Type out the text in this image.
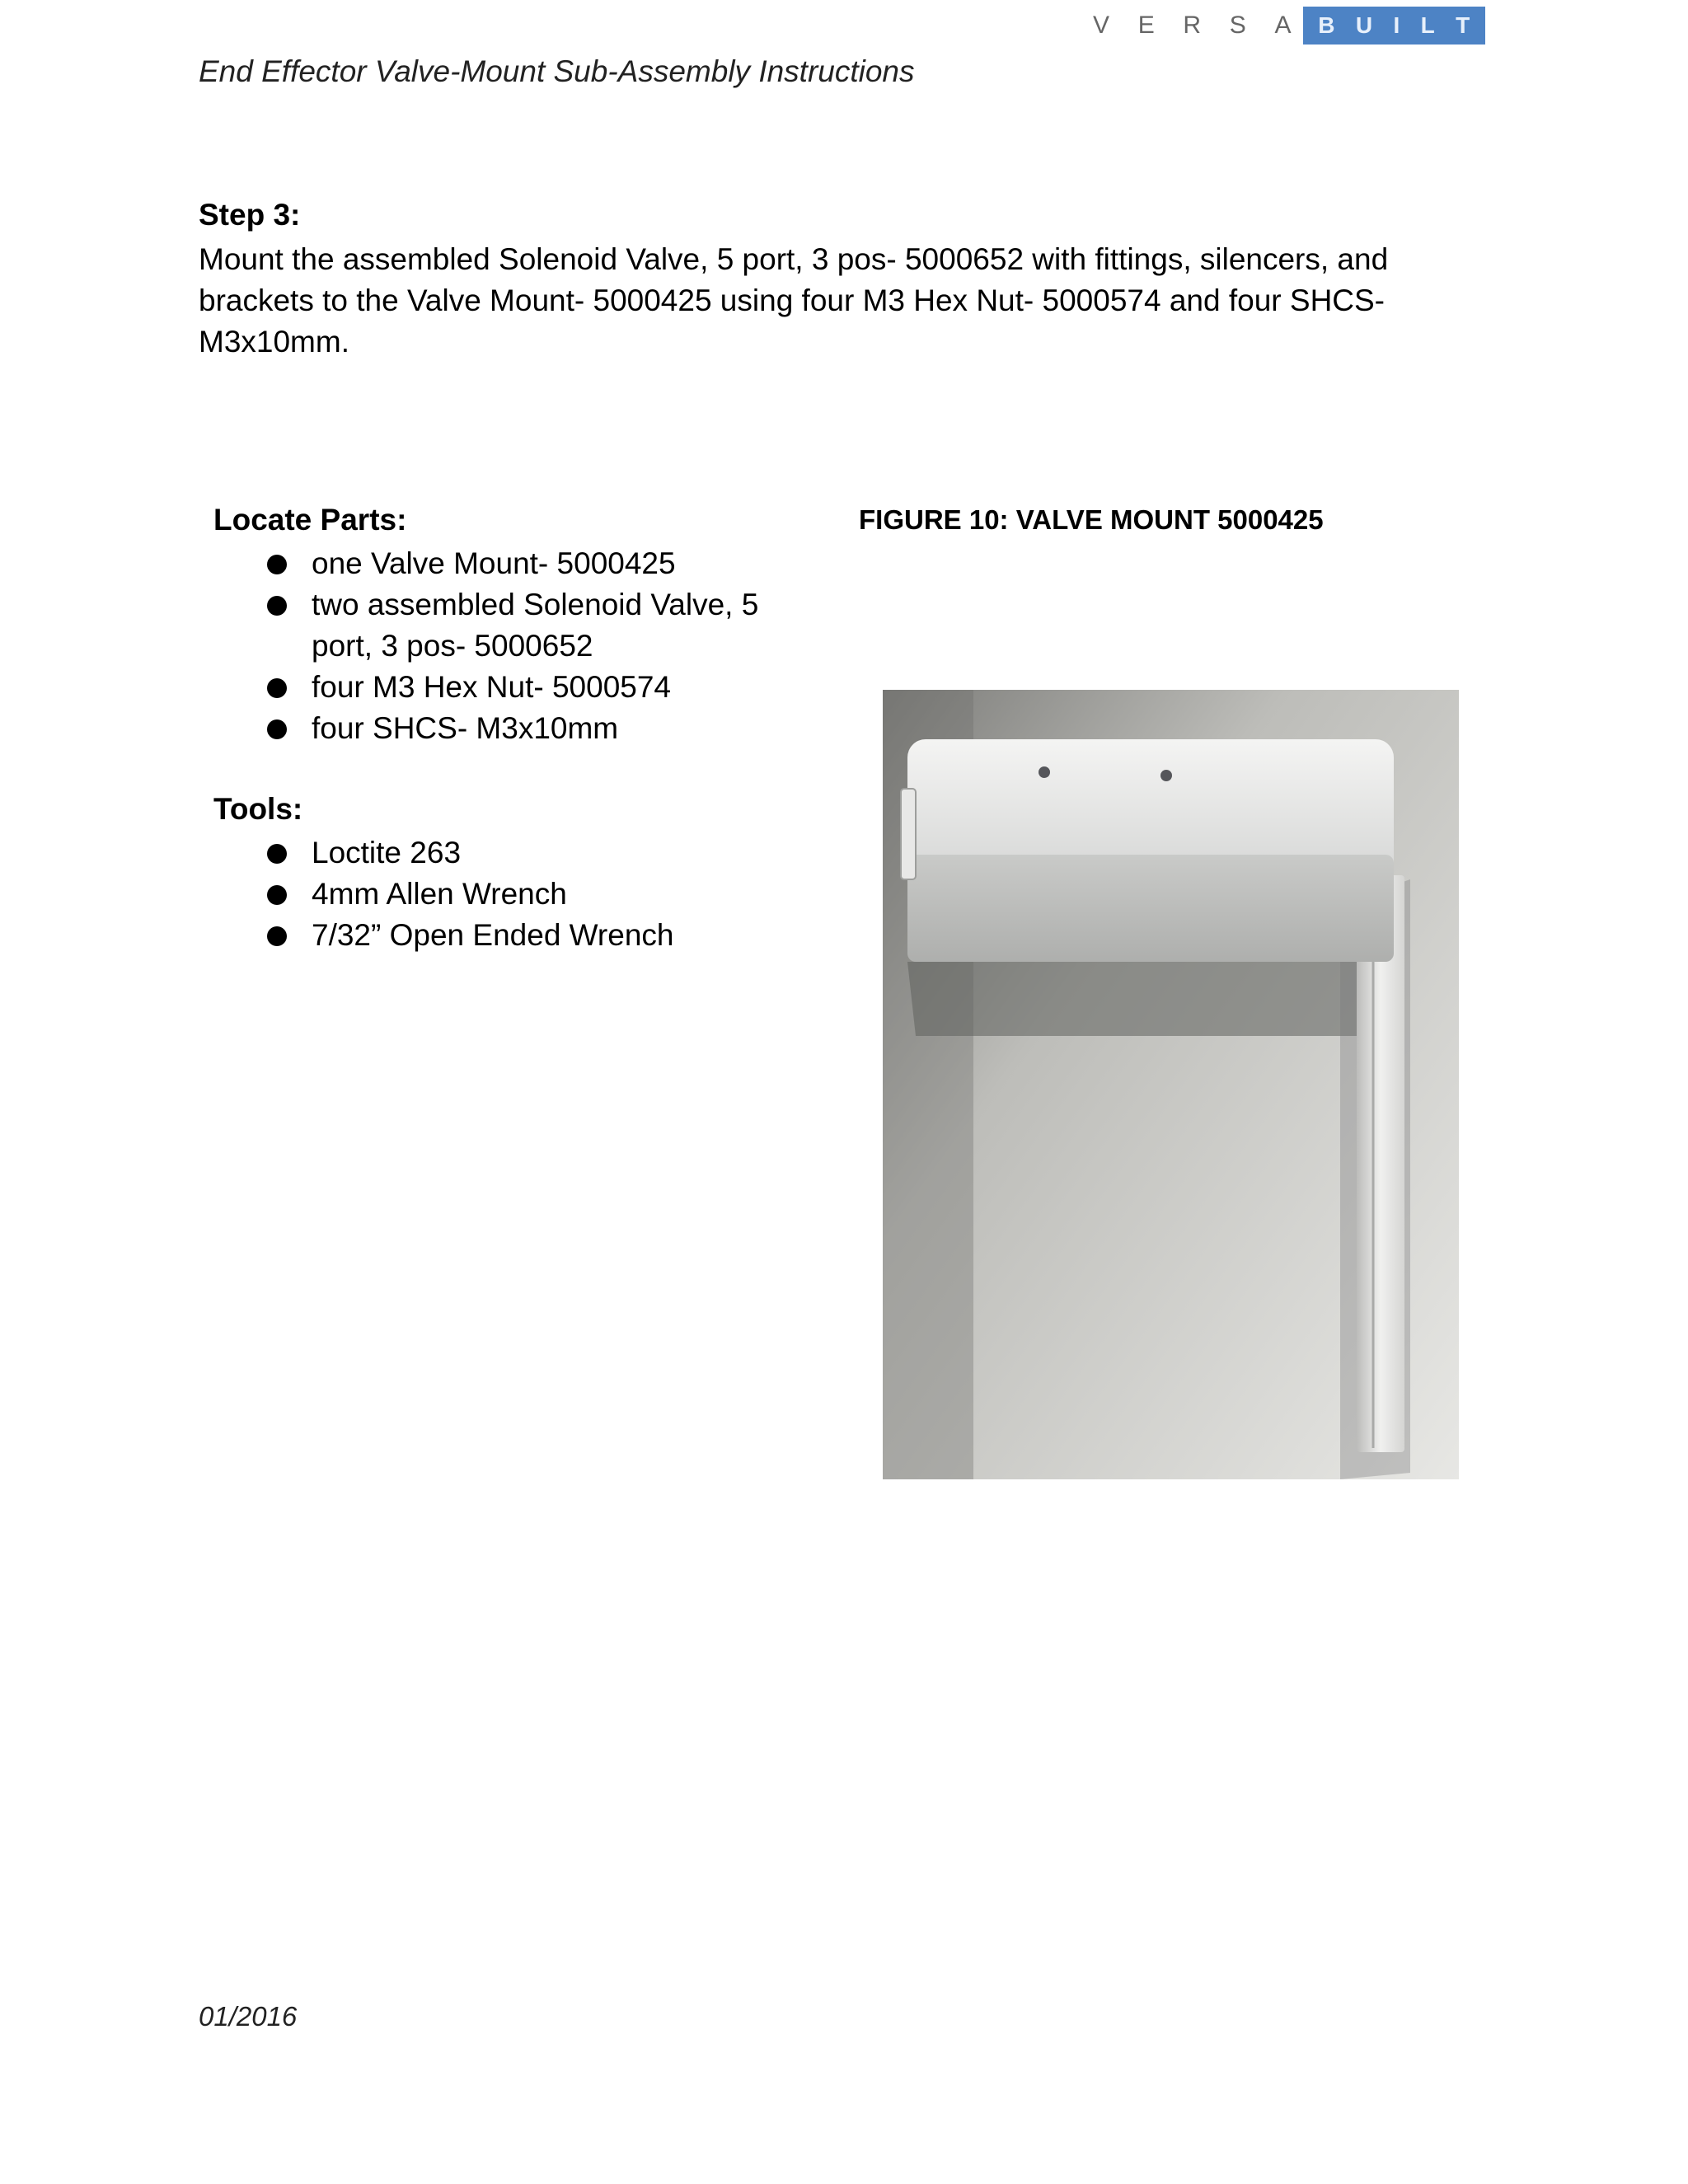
V E R S A B U I L T
End Effector Valve-Mount Sub-Assembly Instructions
Step 3:
Mount the assembled Solenoid Valve, 5 port, 3 pos- 5000652 with fittings, silencers, and brackets to the Valve Mount- 5000425 using four M3 Hex Nut- 5000574 and four SHCS- M3x10mm.
Locate Parts:
one Valve Mount- 5000425
two assembled Solenoid Valve, 5 port, 3 pos- 5000652
four M3 Hex Nut- 5000574
four SHCS- M3x10mm
Tools:
Loctite 263
4mm Allen Wrench
7/32” Open Ended Wrench
FIGURE 10: VALVE MOUNT 5000425
01/2016
